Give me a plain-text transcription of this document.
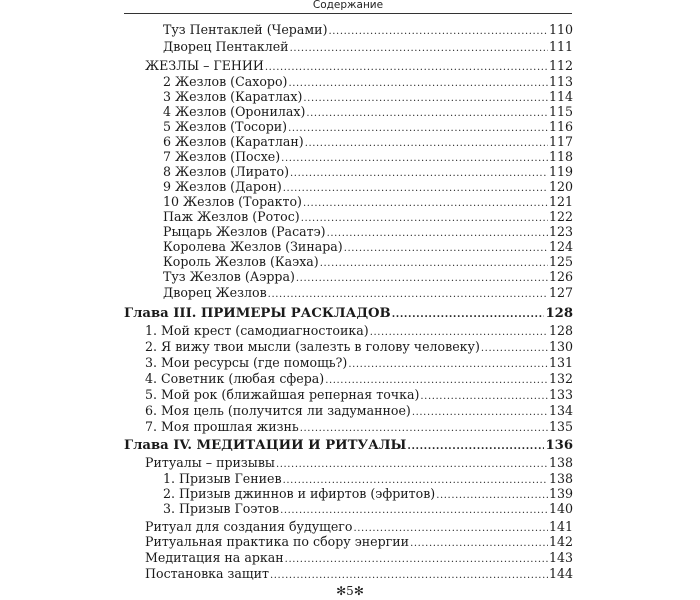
Содержание
Туз Пентаклей (Черами) .....	110
Дворец Пентаклей .....	111
ЖЕЗЛЫ – ГЕНИИ .....	112
2 Жезлов (Сахоро) .....	113
3 Жезлов (Каратлах) .....	114
4 Жезлов (Оронилах) .....	115
5 Жезлов (Тосори) .....	116
6 Жезлов (Каратлан) .....	117
7 Жезлов (Посхе) .....	118
8 Жезлов (Лирато) .....	119
9 Жезлов (Дарон) .....	120
10 Жезлов (Торакто) .....	121
Паж Жезлов (Ротос) .....	122
Рыцарь Жезлов (Расатэ) .....	123
Королева Жезлов (Зинара) .....	124
Король Жезлов (Каэха) .....	125
Туз Жезлов (Аэрра) .....	126
Дворец Жезлов .....	127
Глава III. ПРИМЕРЫ РАСКЛАДОВ .....	128
1. Мой крест (самодиагностоика) .....	128
2. Я вижу твои мысли (залезть в голову человеку) .....	130
3. Мои ресурсы (где помощь?) .....	131
4. Советник (любая сфера) .....	132
5. Мой рок (ближайшая реперная точка) .....	133
6. Моя цель (получится ли задуманное) .....	134
7. Моя прошлая жизнь .....	135
Глава IV. МЕДИТАЦИИ И РИТУАЛЫ .....	136
Ритуалы – призывы .....	138
1. Призыв Гениев .....	138
2. Призыв джиннов и ифиртов (эфритов) .....	139
3. Призыв Гоэтов .....	140
Ритуал для создания будущего .....	141
Ритуальная практика по сбору энергии .....	142
Медитация на аркан .....	143
Постановка защит .....	144
✻5✻
